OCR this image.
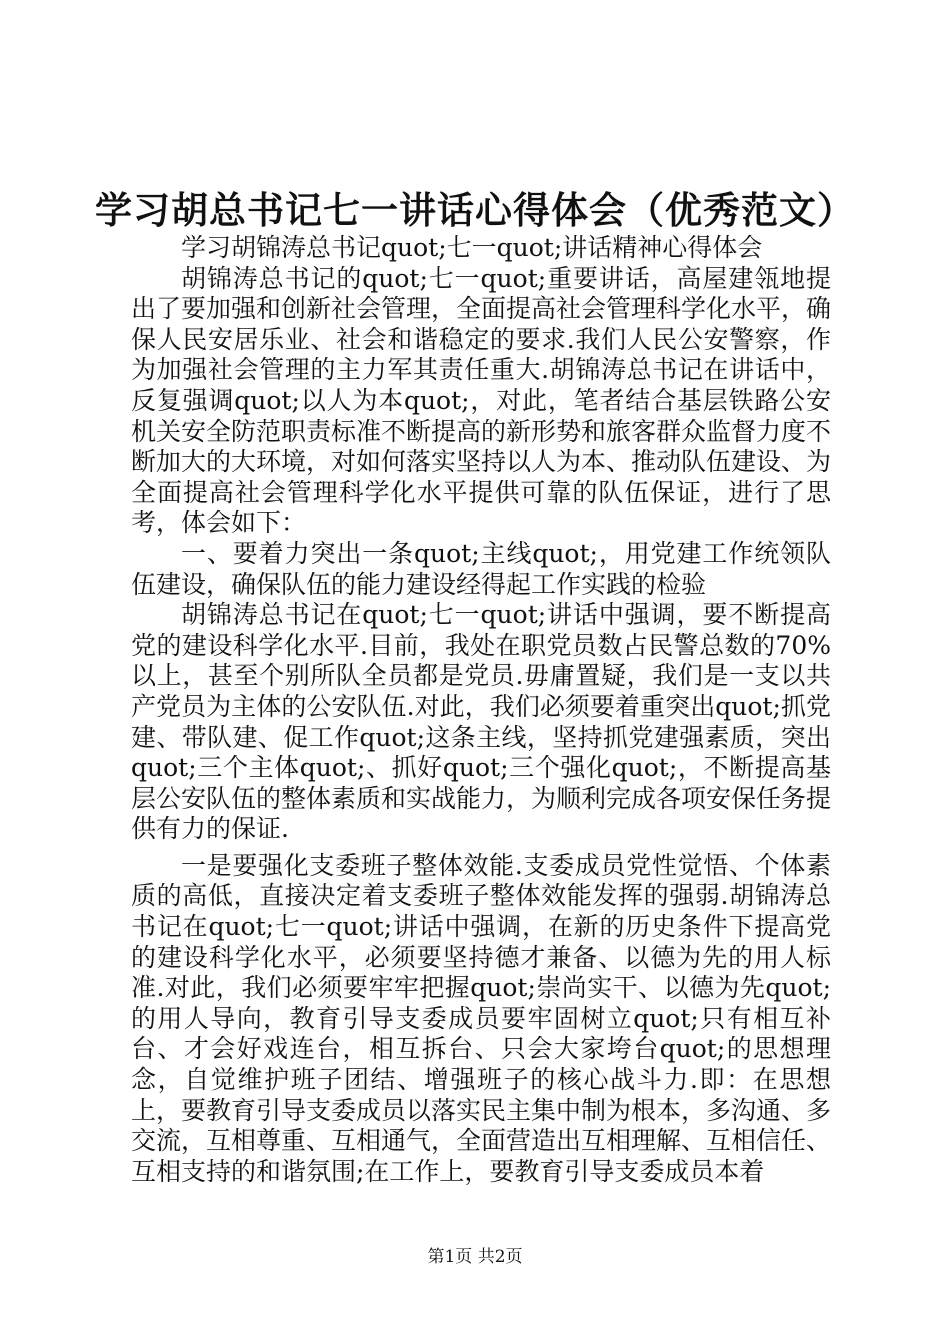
学习胡总书记七一讲话心得体会（优秀范文）

学习胡锦涛总书记quot;七一quot;讲话精神心得体会

胡锦涛总书记的quot;七一quot;重要讲话，高屋建瓴地提出了要加强和创新社会管理，全面提高社会管理科学化水平，确保人民安居乐业、社会和谐稳定的要求.我们人民公安警察，作为加强社会管理的主力军其责任重大.胡锦涛总书记在讲话中，反复强调quot;以人为本quot;，对此，笔者结合基层铁路公安机关安全防范职责标准不断提高的新形势和旅客群众监督力度不断加大的大环境，对如何落实坚持以人为本、推动队伍建设、为全面提高社会管理科学化水平提供可靠的队伍保证，进行了思考，体会如下：

一、要着力突出一条quot;主线quot;，用党建工作统领队伍建设，确保队伍的能力建设经得起工作实践的检验

胡锦涛总书记在quot;七一quot;讲话中强调，要不断提高党的建设科学化水平.目前，我处在职党员数占民警总数的70%以上，甚至个别所队全员都是党员.毋庸置疑，我们是一支以共产党员为主体的公安队伍.对此，我们必须要着重突出quot;抓党建、带队建、促工作quot;这条主线，坚持抓党建强素质，突出quot;三个主体quot;、抓好quot;三个强化quot;，不断提高基层公安队伍的整体素质和实战能力，为顺利完成各项安保任务提供有力的保证.

一是要强化支委班子整体效能.支委成员党性觉悟、个体素质的高低，直接决定着支委班子整体效能发挥的强弱.胡锦涛总书记在quot;七一quot;讲话中强调，在新的历史条件下提高党的建设科学化水平，必须要坚持德才兼备、以德为先的用人标准.对此，我们必须要牢牢把握quot;崇尚实干、以德为先quot;的用人导向，教育引导支委成员要牢固树立quot;只有相互补台、才会好戏连台，相互拆台、只会大家垮台quot;的思想理念，自觉维护班子团结、增强班子的核心战斗力.即：在思想上，要教育引导支委成员以落实民主集中制为根本，多沟通、多交流，互相尊重、互相通气，全面营造出互相理解、互相信任、互相支持的和谐氛围;在工作上，要教育引导支委成员本着

第1页 共2页
